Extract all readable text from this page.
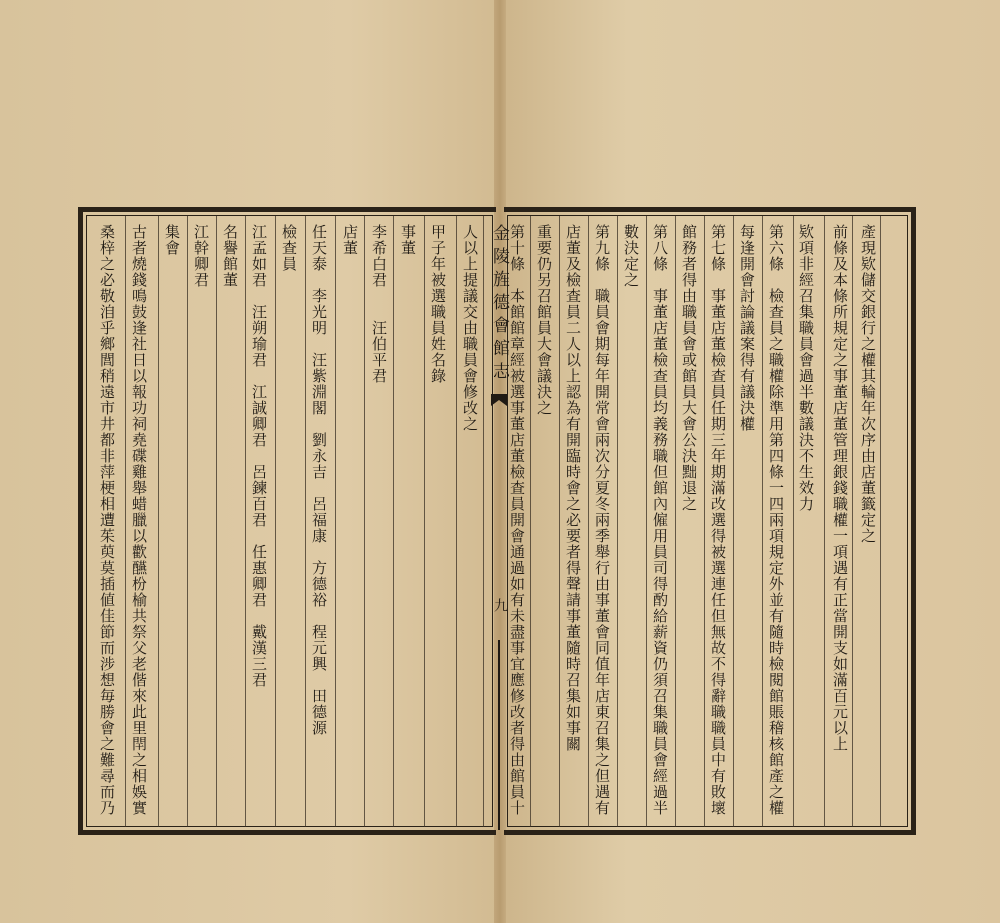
產現欵儲交銀行之權其輪年次序由店董籤定之
前條及本條所規定之事董店董管理銀錢職權一項遇有正當開支如滿百元以上
欵項非經召集職員會過半數議決不生效力
第六條　檢查員之職權除準用第四條一四兩項規定外並有隨時檢閱館賬稽核館產之權
每逢開會討論議案得有議決權
第七條　事董店董檢查員任期三年期滿改選得被選連任但無故不得辭職職員中有敗壞
館務者得由職員會或館員大會公決黜退之
第八條　事董店董檢查員均義務職但館內僱用員司得酌給薪資仍須召集職員會經過半
數決定之
第九條　職員會期每年開常會兩次分夏冬兩季舉行由事董會同值年店東召集之但遇有
店董及檢查員二人以上認為有開臨時會之必要者得聲請事董隨時召集如事關
重要仍另召館員大會議決之
第十條　本館館章經被選事董店董檢查員開會通過如有未盡事宜應修改者得由館員十
金陵旌德會館志
九
人以上提議交由職員會修改之
甲子年被選職員姓名錄
事董
李希白君　　汪伯平君
店董
任天泰　李光明　汪紫淵閣　劉永吉　呂福康　方德裕　程元興　田德源
檢查員
江孟如君　汪朔瑜君　江誠卿君　呂鍊百君　任惠卿君　戴漢三君
名譽館董
江幹卿君
集會
古者燒錢鳴鼓逢社日以報功祠堯碟雞舉蜡臘以歡醼枌榆共祭父老偕來此里閈之相娛實
桑梓之必敬洎乎鄉閭稍遠市井都非萍梗相遭茱萸莫插値佳節而涉想毎勝會之難尋而乃
